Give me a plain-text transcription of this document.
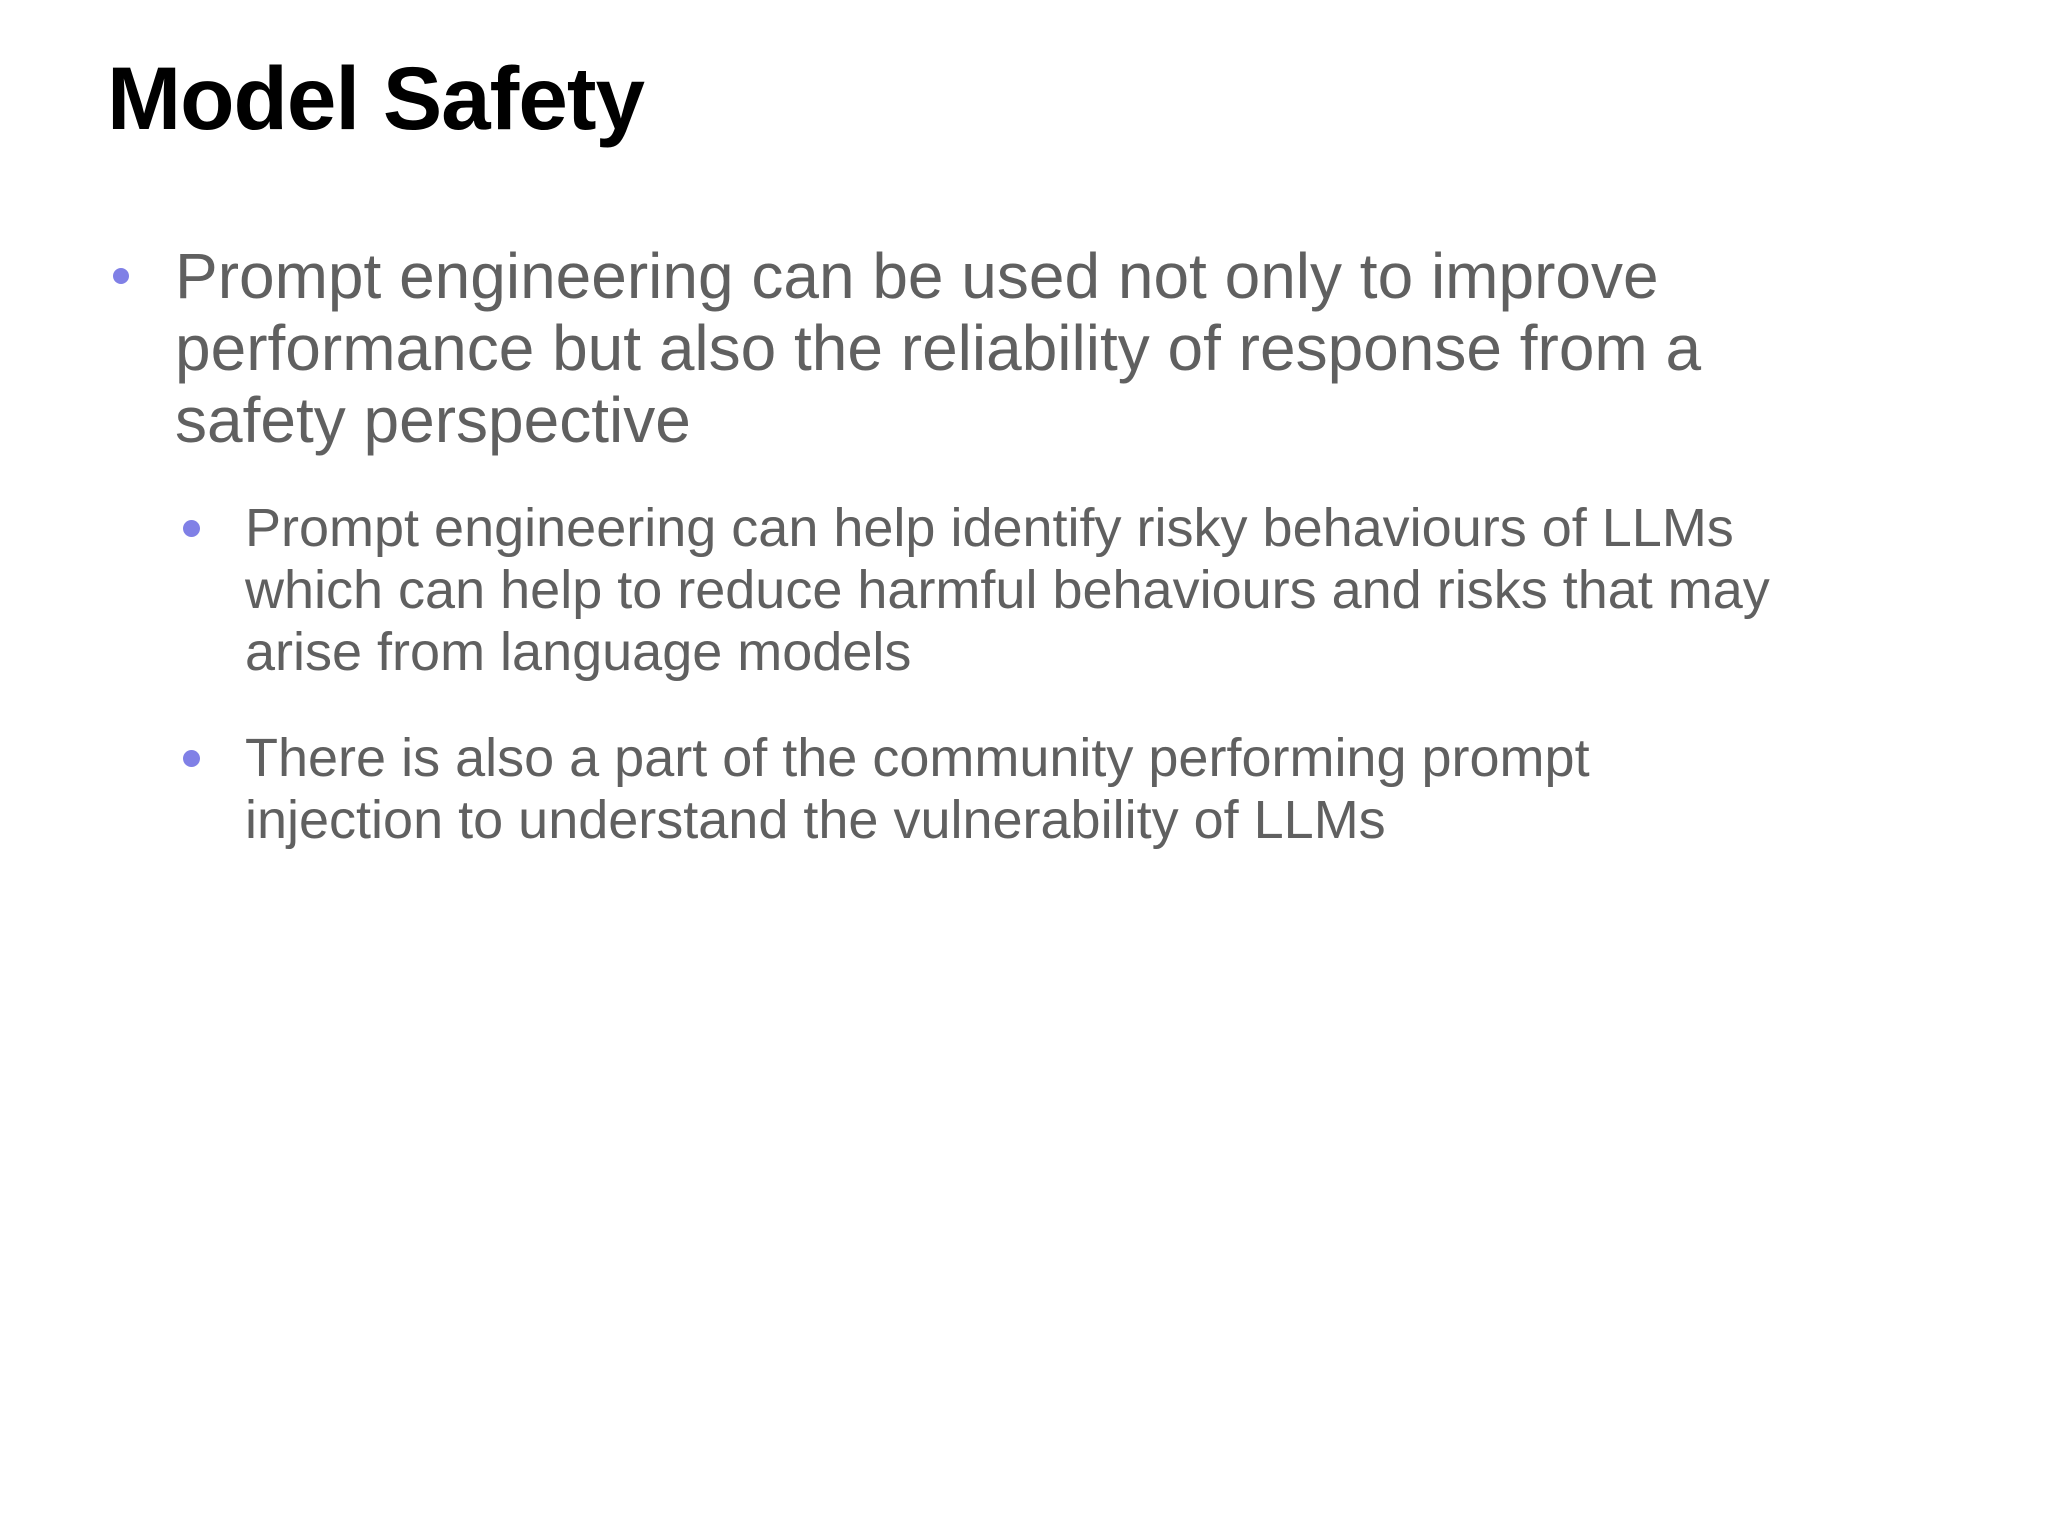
Model Safety
Prompt engineering can be used not only to improve
performance but also the reliability of response from a
safety perspective
Prompt engineering can help identify risky behaviours of LLMs
which can help to reduce harmful behaviours and risks that may
arise from language models
There is also a part of the community performing prompt
injection to understand the vulnerability of LLMs
